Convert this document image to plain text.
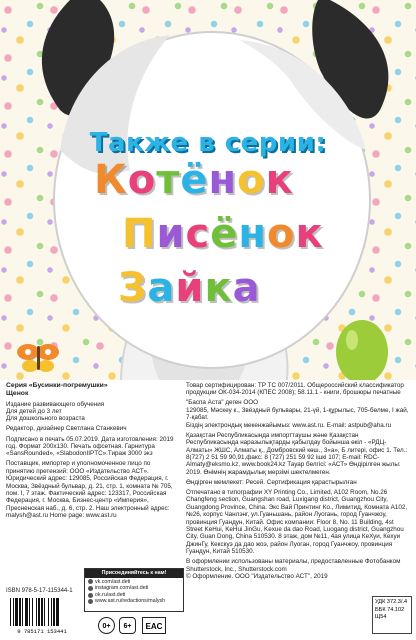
Также в серии:
Котёнок
Писёнок
Зайка
Серия «Бусинки-погремушки»
Щенок
Издание развивающего обучения
Для детей до 3 лет
Для дошкольного возраста
Редактор, дизайнер Светлана Станкевич
Подписано в печать 05.07.2019. Дата изготовления: 2019 год. Формат 200x130. Печать офсетная. Гарнитура «SansRounded», «SlabodonIIPTC».Тираж 3000 экз
Поставщик, импортер и уполномоченное лицо по принятию претензий: ООО «Издательство АСТ». Юридический адрес: 129085, Российская Федерация, г. Москва, Звёздный бульвар, д. 21, стр. 1, комната № 705, пом. I, 7 этаж. Фактический адрес: 123317, Российская Федерация, г. Москва, Бизнес-центр «Империя», Пресненская наб., д. 6, стр. 2. Наш электронный адрес: malysh@ast.ru Home page: www.ast.ru
Товар сертифицирован: ТР ТС 007/2011. Общероссийский классификатор продукции ОК-034-2014 (КПЕС 2008); 58.11.1 - книги, брошюры печатные
"Баспа Аста" деген ООО
129085, Мәскеу к., Звёздный бульвары, 21-үй, 1-құрылыс, 705-бөлме, I жай, 7-қабат.
Біздің электрондық мекенжайымыз: www.ast.ru. E-mail: astpub@aha.ru
Қазақстан Республикасында импорттаушы және Қазақстан Республикасында наразылықтарды қабылдау бойынша өкіл - «РДЦ-Алматы» ЖШС, Алматы қ., Домбровский көш., 3«а», Б литері, офис 1. Тел.: 8(727) 2 51 59 90,91,факс: 8 (727) 251 59 92 ішкі 107; E-mail: RDC-Almaty@eksmo.kz, www.book24.kz Тауар белгісі: «АСТ» Өндірілген жылы: 2019. Өнімнің жарамдылық мерзімі шектелмеген.
Өндірген мемлекет: Ресей. Сертификация қарастырылған
Отпечатано в типографии XY Printing Co., Limited, A102 Room, No.26 Changfeng section, Guangshan road, Luxigang district, Guangzhou City, Guangdong Province, China. Экс Вай Принтинг Ко., Лимитид, Комната A102, №26, корпус Чанлэнг, ул.Гуаньшань, район Луогань, город Гуанчжоу, провинция Гуандун, Китай. Офис компании: Floor 8, No. 11 Building, 4st Street KeHui, KeHui JinGu, Kexue da dao Road, Luogang district, Guangzhou City, Guan Dong, China 510530. 8 этаж, дом №11, 4ая улица КеХуи, Кехуи ДжинГу, Кекскуэ да дао жоэ, район Луоган, город Гуанчжоу, провинция Гуандун, Китай 510530.
В оформлении использованы материалы, предоставленные Фотобанком Shutterstock, Inc., Shutterstock.com
© Оформление. ООО "Издательство АСТ", 2019
Присоединяйтесь к нам!
vk.com/ast.deti
instagram.com/ast.deti
ok.ru/ast.deti
www.ast.ru/redactions/malysh
ISBN 978-5-17-115344-1
9 785171 153441
0+	6+	EAC
УДК 372.3/.4
ББК 74.102
Щ54
